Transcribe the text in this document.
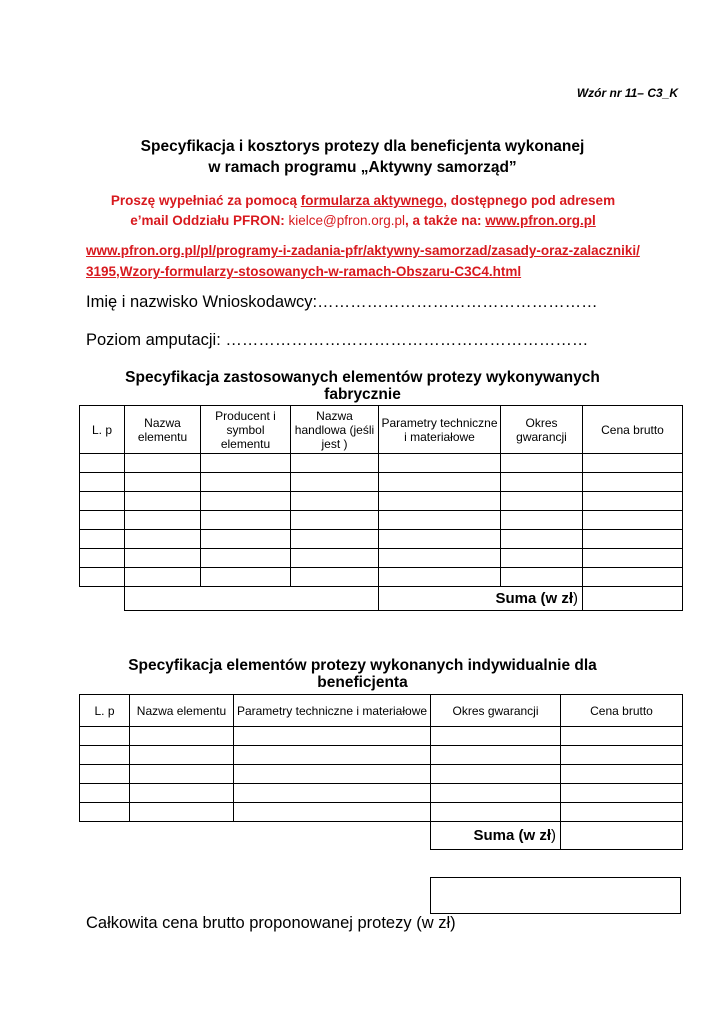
Wzór nr 11– C3_K
Specyfikacja i kosztorys protezy dla beneficjenta wykonanej
w ramach programu „Aktywny samorząd”
Proszę wypełniać za pomocą formularza aktywnego, dostępnego pod adresem
e’mail Oddziału PFRON: kielce@pfron.org.pl, a także na: www.pfron.org.pl
www.pfron.org.pl/pl/programy-i-zadania-pfr/aktywny-samorzad/zasady-oraz-zalaczniki/3195,Wzory-formularzy-stosowanych-w-ramach-Obszaru-C3C4.html
Imię i nazwisko Wnioskodawcy:……………………………………………
Poziom amputacji: …………………………………………………………
Specyfikacja zastosowanych elementów protezy wykonywanych
fabrycznie
L. p	Nazwa elementu	Producent i symbol elementu	Nazwa handlowa (jeśli jest )	Parametry techniczne i materiałowe	Okres gwarancji	Cena brutto

				Suma (w zł)		
Specyfikacja elementów protezy wykonanych indywidualnie dla
beneficjenta
L. p	Nazwa elementu	Parametry techniczne i materiałowe	Okres gwarancji	Cena brutto

			Suma (w zł)	
Całkowita cena brutto proponowanej protezy (w zł)
